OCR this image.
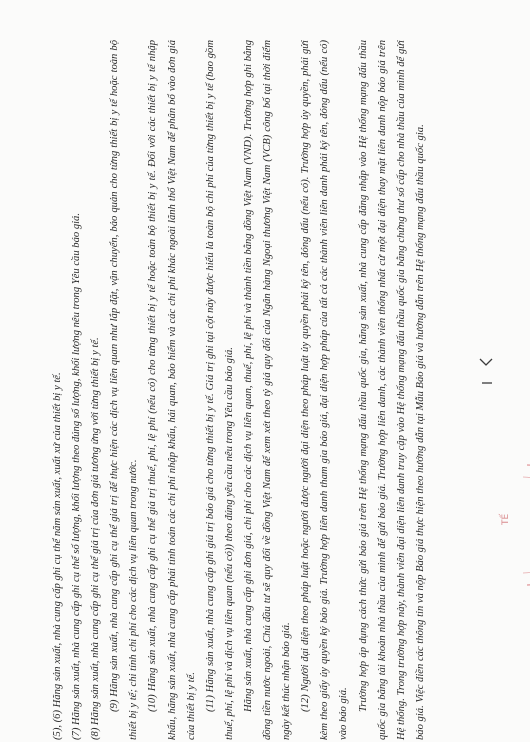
(5), (6) Hãng sản xuất, nhà cung cấp ghi cụ thể năm sản xuất, xuất xứ của thiết bị y tế. (7) Hãng sản xuất, nhà cung cấp ghi cụ thể số lượng, khối lượng theo đúng số lượng, khối lượng nêu trong Yêu cầu báo giá. (8) Hãng sản xuất, nhà cung cấp ghi cụ thể giá trị của đơn giá tương ứng với từng thiết bị y tế. (9) Hãng sản xuất, nhà cung cấp ghi cụ thể giá trị để thực hiện các dịch vụ liên quan như lắp đặt, vận chuyển, bảo quản cho từng thiết bị y tế hoặc toàn bộ thiết bị y tế; chi tính chi phí cho các dịch vụ liên quan trong nước. (10) Hãng sản xuất, nhà cung cấp ghi cụ thể giá trị thuế, phí, lệ phí (nếu có) cho từng thiết bị y tế hoặc toàn bộ thiết bị y tế. Đối với các thiết bị y tế nhập khẩu, hãng sản xuất, nhà cung cấp phải tính toán các chi phí nhập khẩu, hải quan, bảo hiểm và các chi phí khác ngoài lãnh thổ Việt Nam để phân bổ vào đơn giá của thiết bị y tế. (11) Hãng sản xuất, nhà cung cấp ghi giá trị báo giá cho từng thiết bị y tế. Giá trị ghi tại cột này được hiểu là toàn bộ chi phí của từng thiết bị y tế (bao gồm thuế, phí, lệ phí và dịch vụ liên quan (nếu có)) theo đúng yêu cầu nêu trong Yêu cầu báo giá. Hãng sản xuất, nhà cung cấp ghi đơn giá, chi phí cho các dịch vụ liên quan, thuế, phí, lệ phí và thành tiền bằng đồng Việt Nam (VND). Trường hợp ghi bằng đồng tiền nước ngoài, Chủ đầu tư sẽ quy đổi về đồng Việt Nam để xem xét theo tỷ giá quy đổi của Ngân hàng Ngoại thương Việt Nam (VCB) công bố tại thời điểm ngày kết thúc nhận báo giá. (12) Người đại diện theo pháp luật hoặc người được người đại diện theo pháp luật ủy quyền phải ký tên, đóng dấu (nếu có). Trường hợp ủy quyền, phải gửi kèm theo giấy ủy quyền ký báo giá. Trường hợp liên danh tham gia báo giá, đại diện hợp pháp của tất cả các thành viên liên danh phải ký tên, đóng dấu (nếu có) vào báo giá.

Trường hợp áp dụng cách thức gửi báo giá trên Hệ thống mạng đấu thầu quốc gia, hãng sản xuất, nhà cung cấp đăng nhập vào Hệ thống mạng đấu thầu quốc gia bằng tài khoản nhà thầu của mình để gửi báo giá. Trường hợp liên danh, các thành viên thống nhất cử một đại diện thay mặt liên danh nộp báo giá trên Hệ thống. Trong trường hợp này, thành viên đại diện liên danh truy cập vào Hệ thống mạng đấu thầu quốc gia bằng chứng thư số cấp cho nhà thầu của mình để gửi báo giá. Việc điền các thông tin và nộp Báo giá thực hiện theo hướng dẫn tại Mẫu Báo giá và hướng dẫn trên Hệ thống mạng đấu thầu quốc gia.	TẾ
